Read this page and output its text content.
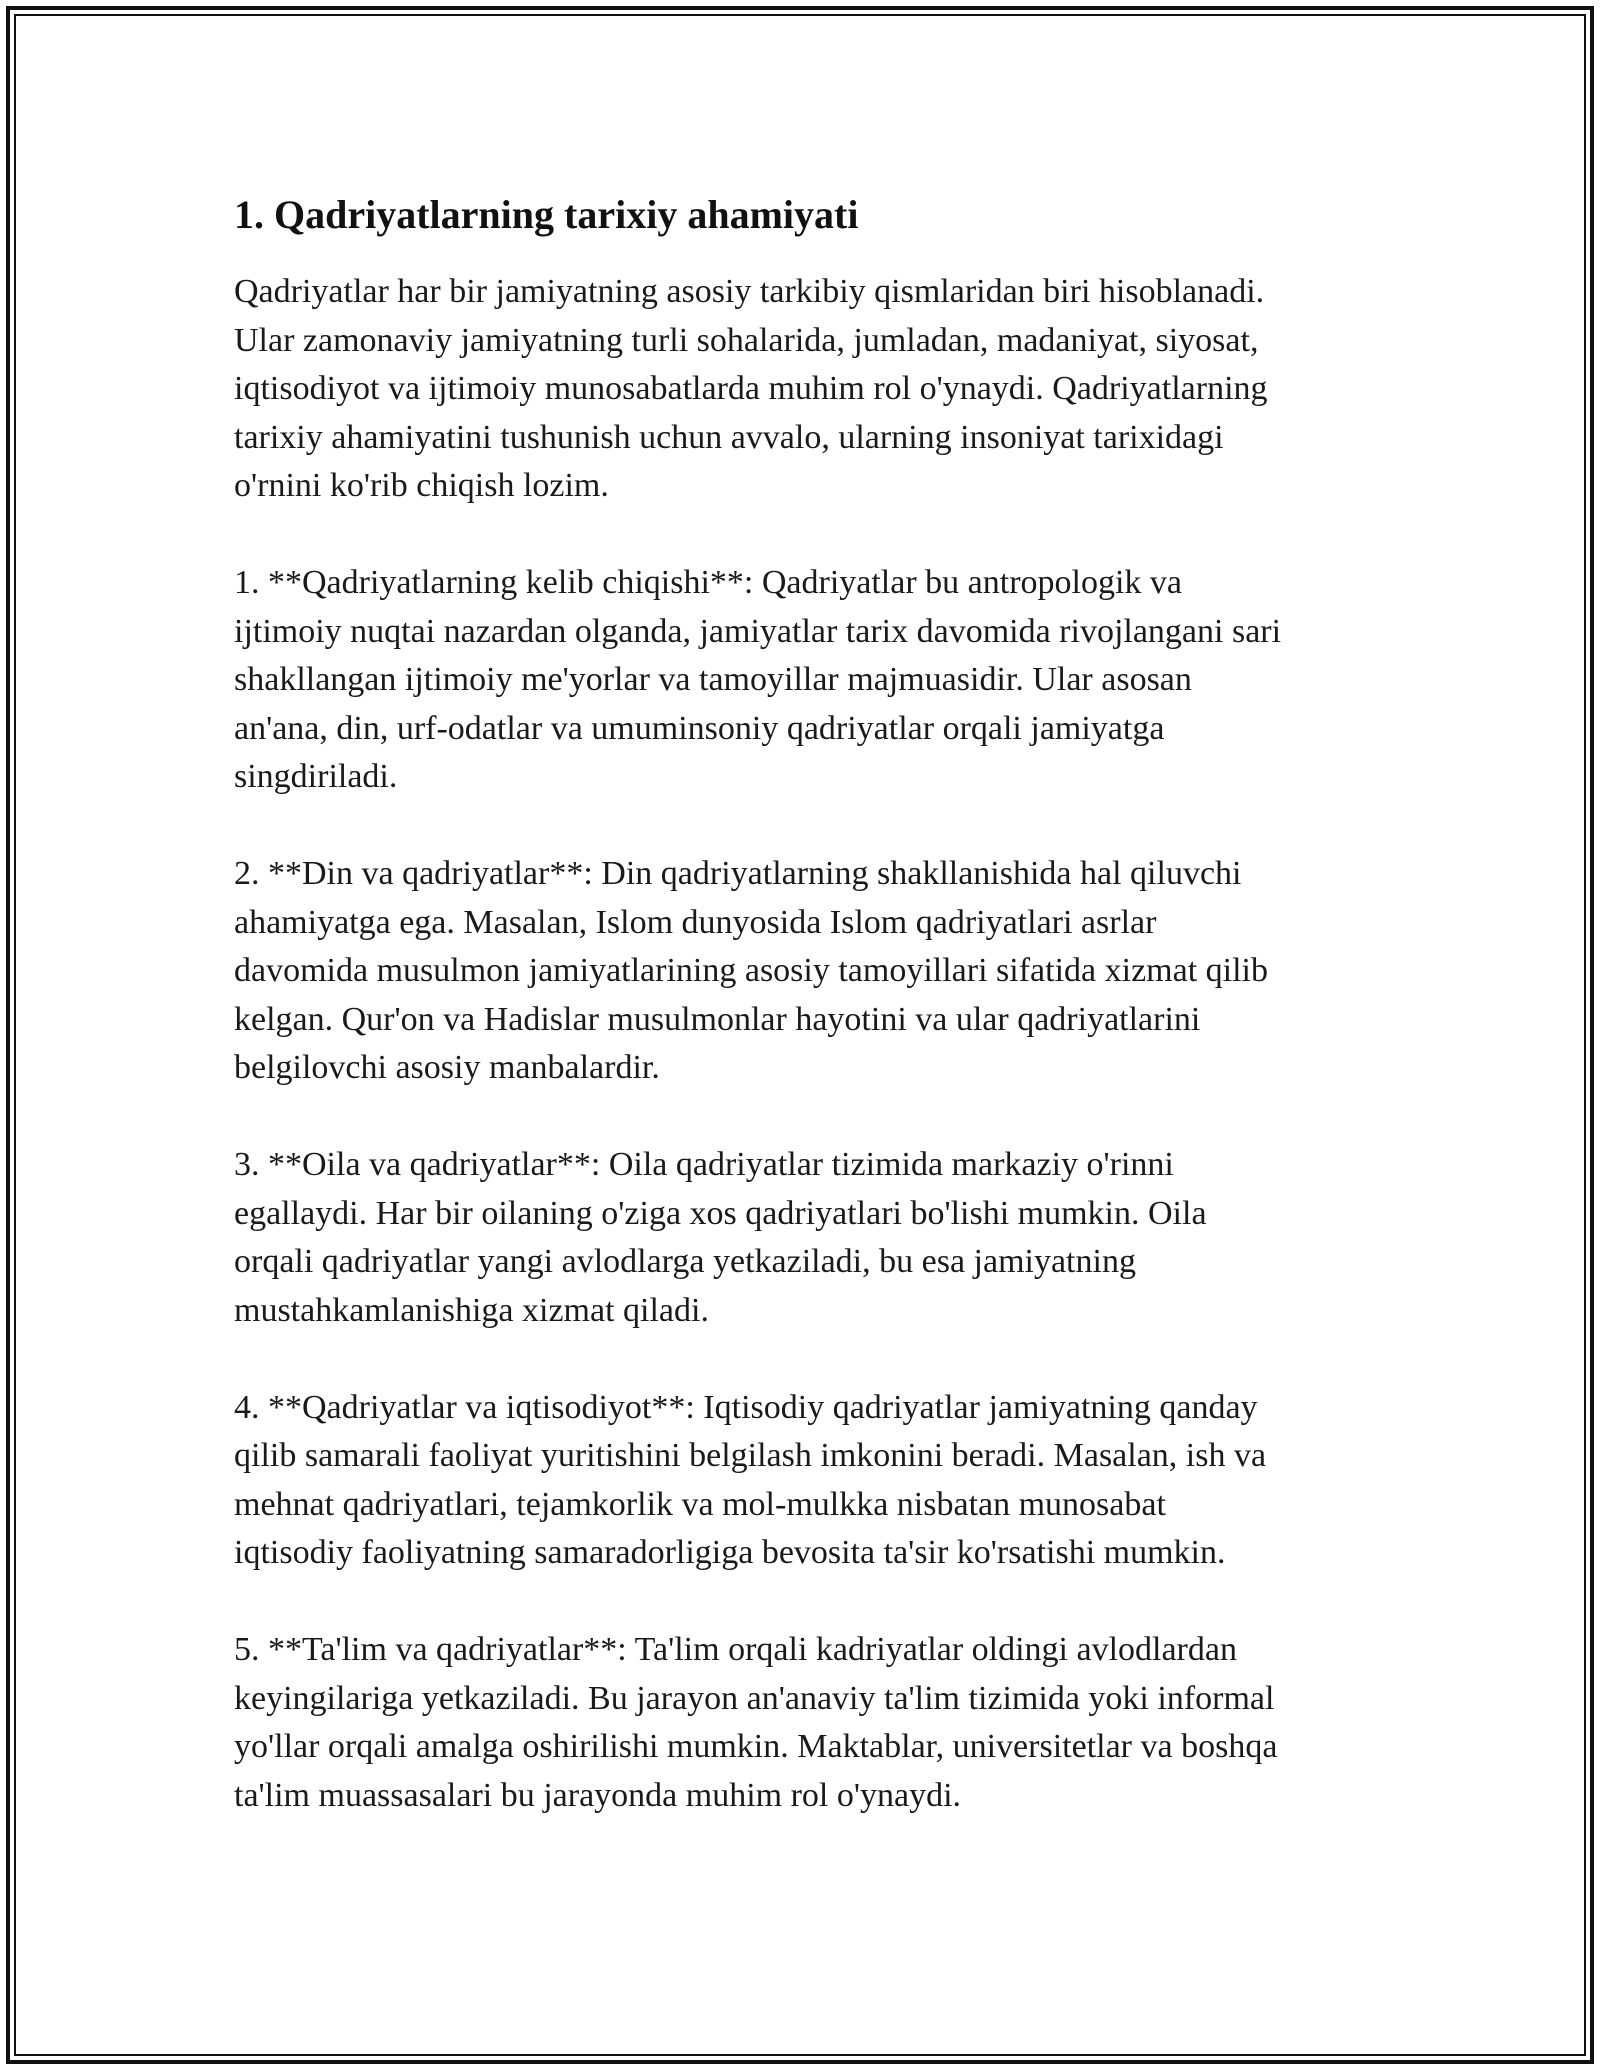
1. Qadriyatlarning tarixiy ahamiyati

Qadriyatlar har bir jamiyatning asosiy tarkibiy qismlaridan biri hisoblanadi.
Ular zamonaviy jamiyatning turli sohalarida, jumladan, madaniyat, siyosat,
iqtisodiyot va ijtimoiy munosabatlarda muhim rol o'ynaydi. Qadriyatlarning
tarixiy ahamiyatini tushunish uchun avvalo, ularning insoniyat tarixidagi
o'rnini ko'rib chiqish lozim.

1. **Qadriyatlarning kelib chiqishi**: Qadriyatlar bu antropologik va
ijtimoiy nuqtai nazardan olganda, jamiyatlar tarix davomida rivojlangani sari
shakllangan ijtimoiy me'yorlar va tamoyillar majmuasidir. Ular asosan
an'ana, din, urf-odatlar va umuminsoniy qadriyatlar orqali jamiyatga
singdiriladi.

2. **Din va qadriyatlar**: Din qadriyatlarning shakllanishida hal qiluvchi
ahamiyatga ega. Masalan, Islom dunyosida Islom qadriyatlari asrlar
davomida musulmon jamiyatlarining asosiy tamoyillari sifatida xizmat qilib
kelgan. Qur'on va Hadislar musulmonlar hayotini va ular qadriyatlarini
belgilovchi asosiy manbalardir.

3. **Oila va qadriyatlar**: Oila qadriyatlar tizimida markaziy o'rinni
egallaydi. Har bir oilaning o'ziga xos qadriyatlari bo'lishi mumkin. Oila
orqali qadriyatlar yangi avlodlarga yetkaziladi, bu esa jamiyatning
mustahkamlanishiga xizmat qiladi.

4. **Qadriyatlar va iqtisodiyot**: Iqtisodiy qadriyatlar jamiyatning qanday
qilib samarali faoliyat yuritishini belgilash imkonini beradi. Masalan, ish va
mehnat qadriyatlari, tejamkorlik va mol-mulkka nisbatan munosabat
iqtisodiy faoliyatning samaradorligiga bevosita ta'sir ko'rsatishi mumkin.

5. **Ta'lim va qadriyatlar**: Ta'lim orqali kadriyatlar oldingi avlodlardan
keyingilariga yetkaziladi. Bu jarayon an'anaviy ta'lim tizimida yoki informal
yo'llar orqali amalga oshirilishi mumkin. Maktablar, universitetlar va boshqa
ta'lim muassasalari bu jarayonda muhim rol o'ynaydi.
